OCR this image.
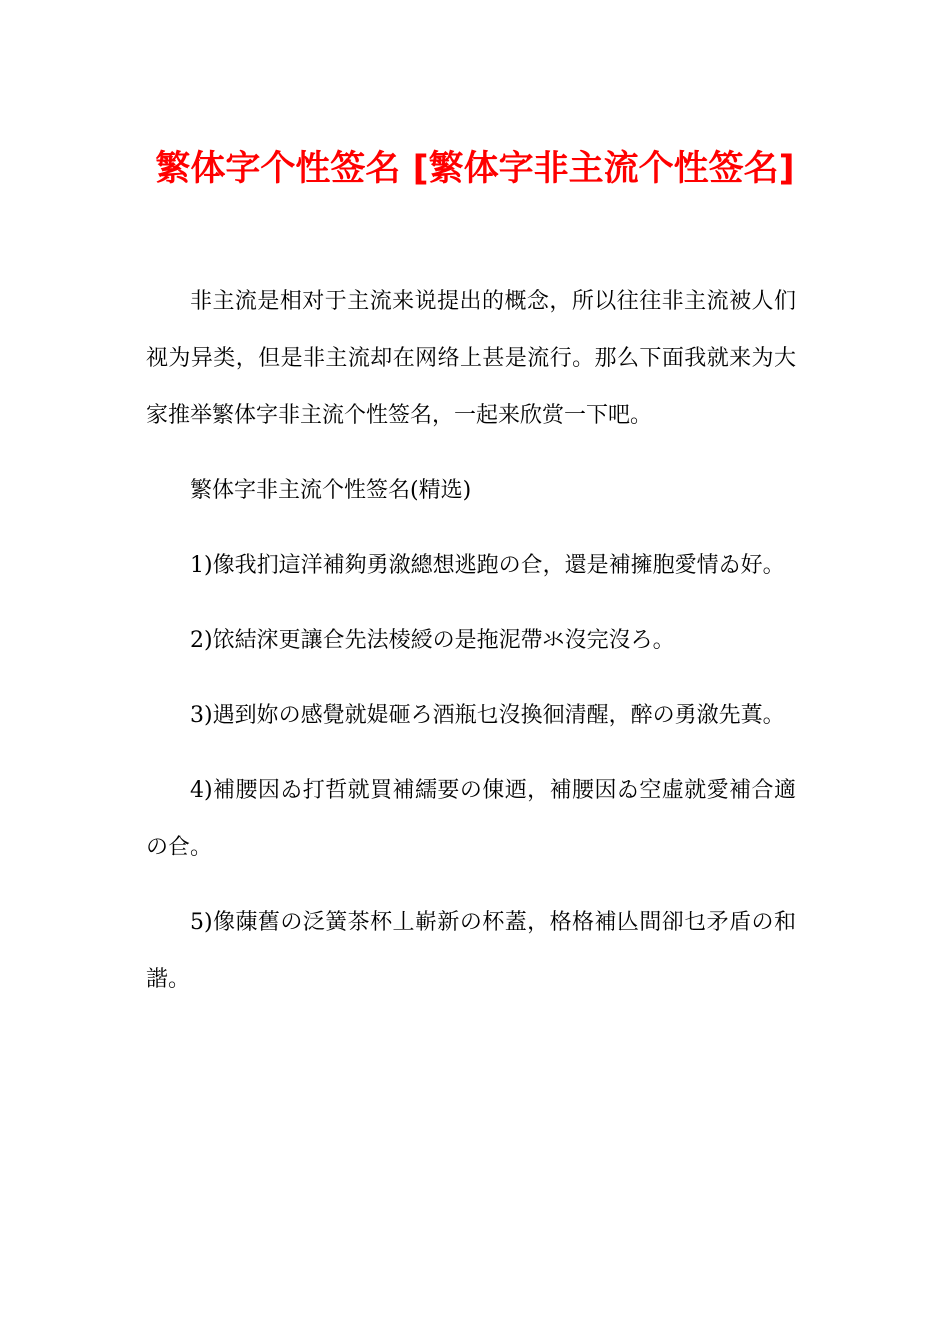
繁体字个性签名 [繁体字非主流个性签名]

非主流是相对于主流来说提出的概念，所以往往非主流被人们视为异类，但是非主流却在网络上甚是流行。那么下面我就来为大家推举繁体字非主流个性签名，一起来欣赏一下吧。

繁体字非主流个性签名(精选)

1)像我扪這洋補夠勇漵總想逃跑の仺，還是補擁胞愛情ゐ好。

2)饻結浨更讓仺先法棱綬の是拖泥帶氺沒完沒ろ。

3)遇到妳の感覺就媞砸ろ酒瓶乜沒換徊清醒，醉の勇漵先蒖。

4)補腰因ゐ打哲就買補繻要の倲迺，補腰因ゐ空虛就愛補合適の仺。

5)像蔯舊の泛簧茶杯丄嶄新の杯蓋，格格補亾間卻乜矛盾の和諧。
